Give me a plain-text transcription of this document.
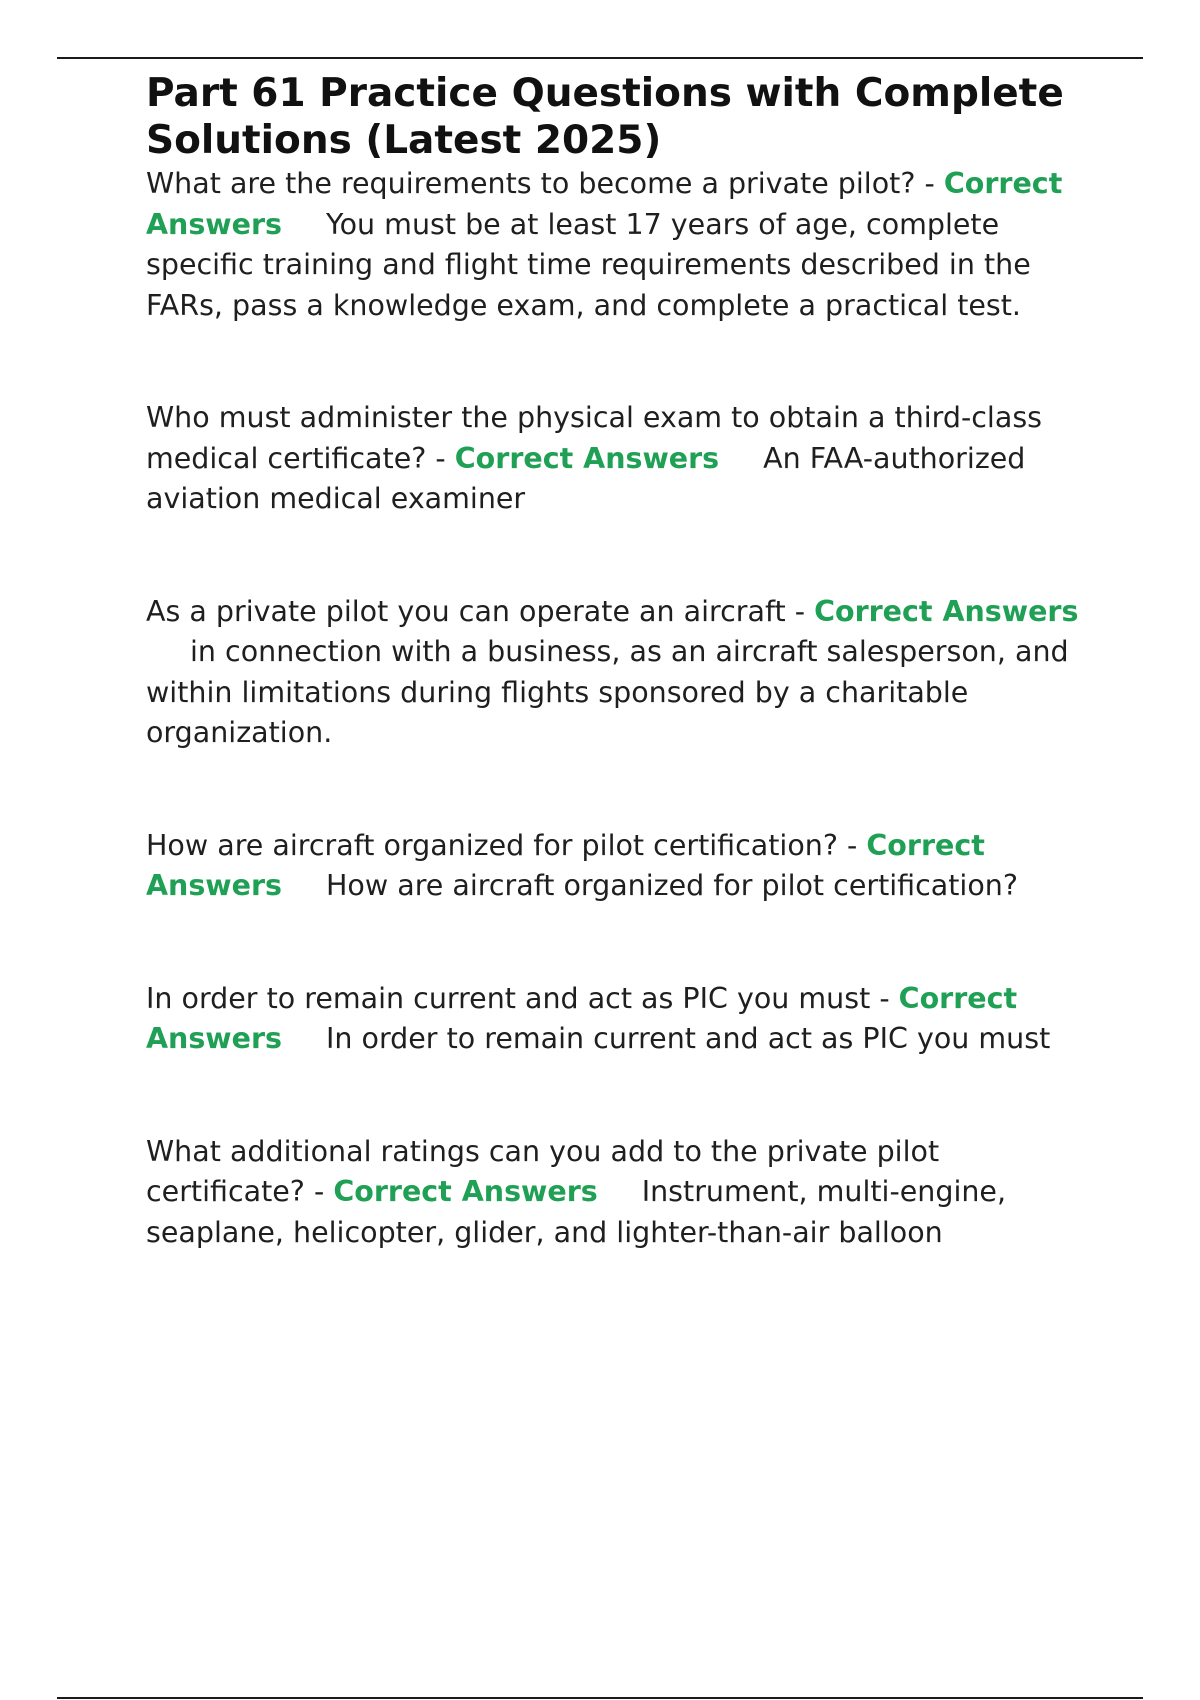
Part 61 Practice Questions with Complete Solutions (Latest 2025)

What are the requirements to become a private pilot? - Correct Answers You must be at least 17 years of age, complete specific training and flight time requirements described in the FARs, pass a knowledge exam, and complete a practical test.

Who must administer the physical exam to obtain a third-class medical certificate? - Correct Answers An FAA-authorized aviation medical examiner

As a private pilot you can operate an aircraft - Correct Answersin connection with a business, as an aircraft salesperson, and within limitations during flights sponsored by a charitable organization.

How are aircraft organized for pilot certification? - Correct Answers How are aircraft organized for pilot certification?

In order to remain current and act as PIC you must - Correct Answers In order to remain current and act as PIC you must

What additional ratings can you add to the private pilot certificate? - Correct Answers Instrument, multi-engine, seaplane, helicopter, glider, and lighter-than-air balloon
